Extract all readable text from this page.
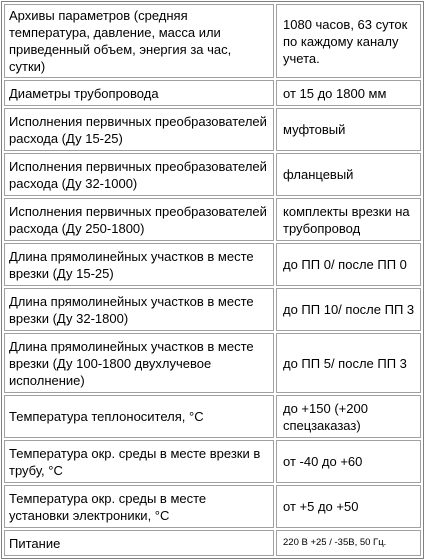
Архивы параметров (средняя температура, давление, масса или приведенный объем, энергия за час, сутки)	1080 часов, 63 суток по каждому каналу учета.
Диаметры трубопровода	от 15 до 1800 мм
Исполнения первичных преобразователей расхода (Ду 15-25)	муфтовый
Исполнения первичных преобразователей расхода (Ду 32-1000)	фланцевый
Исполнения первичных преобразователей расхода (Ду 250-1800)	комплекты врезки на трубопровод
Длина прямолинейных участков в месте врезки (Ду 15-25)	до ПП 0/ после ПП 0
Длина прямолинейных участков в месте врезки (Ду 32-1800)	до ПП 10/ после ПП 3
Длина прямолинейных участков в месте врезки (Ду 100-1800 двухлучевое исполнение)	до ПП 5/ после ПП 3
Температура теплоносителя, °С	до +150 (+200 спецзаказаз)
Температура окр. среды в месте врезки в трубу, °С	от -40 до +60
Температура окр. среды в месте установки электроники, °С	от +5 до +50
Питание	220 В +25 / -35В, 50 Гц.
